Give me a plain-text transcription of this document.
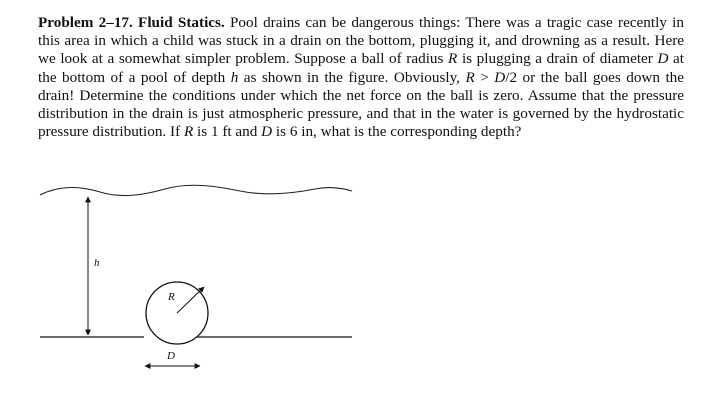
Problem 2–17. Fluid Statics. Pool drains can be dangerous things: There was a tragic case recently in this area in which a child was stuck in a drain on the bottom, plugging it, and drowning as a result. Here we look at a somewhat simpler problem. Suppose a ball of radius R is plugging a drain of diameter D at the bottom of a pool of depth h as shown in the figure. Obviously, R > D/2 or the ball goes down the drain! Determine the conditions under which the net force on the ball is zero. Assume that the pressure distribution in the drain is just atmospheric pressure, and that in the water is governed by the hydrostatic pressure distribution. If R is 1 ft and D is 6 in, what is the corresponding depth?
h
R
D
